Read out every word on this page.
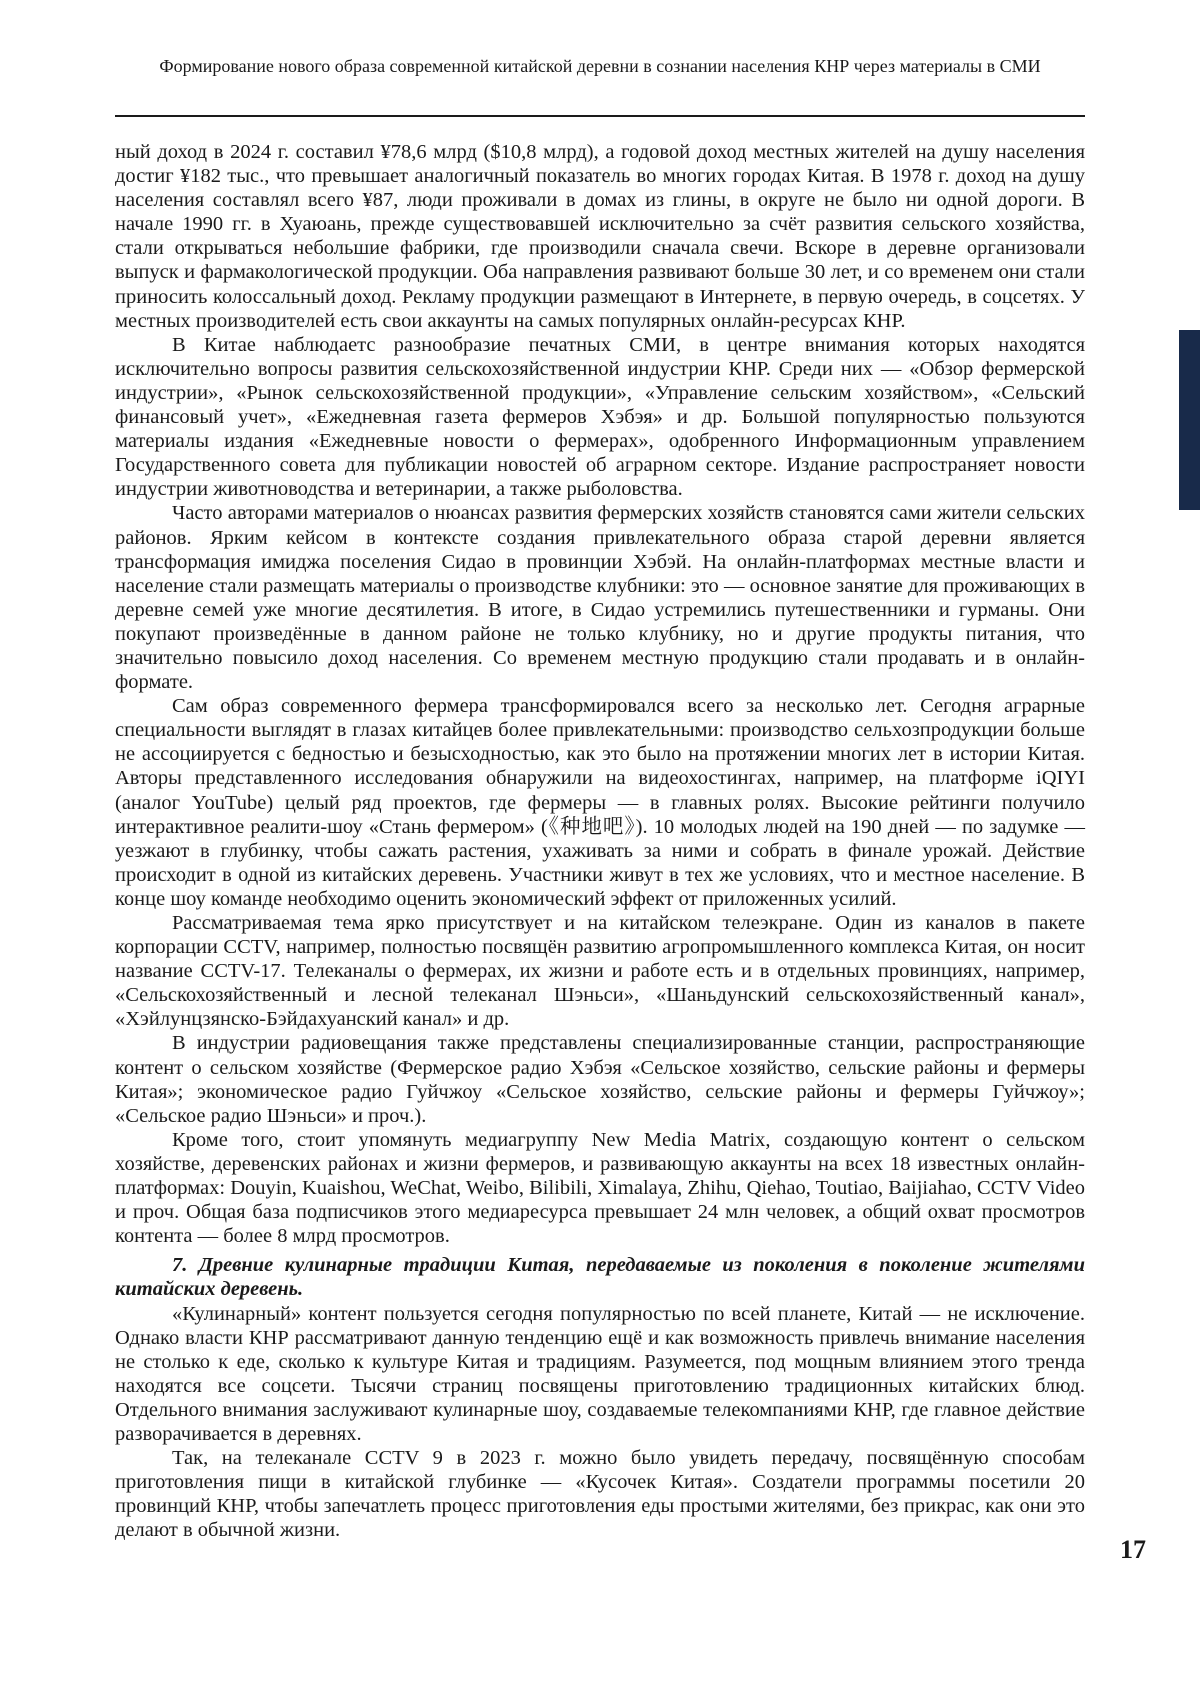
Формирование нового образа современной китайской деревни в сознании населения КНР через материалы в СМИ

ный доход в 2024 г. составил ¥78,6 млрд ($10,8 млрд), а годовой доход местных жителей на душу населения достиг ¥182 тыс., что превышает аналогичный показатель во многих городах Китая. В 1978 г. доход на душу населения составлял всего ¥87, люди проживали в домах из глины, в округе не было ни одной дороги. В начале 1990 гг. в Хуаюань, прежде существовавшей исключительно за счёт развития сельского хозяйства, стали открываться небольшие фабрики, где производили сначала свечи. Вскоре в деревне организовали выпуск и фармакологической продукции. Оба направления развивают больше 30 лет, и со временем они стали приносить колоссальный доход. Рекламу продукции размещают в Интернете, в первую очередь, в соцсетях. У местных производителей есть свои аккаунты на самых популярных онлайн-ресурсах КНР.

В Китае наблюдаетс разнообразие печатных СМИ, в центре внимания которых находятся исключительно вопросы развития сельскохозяйственной индустрии КНР. Среди них — «Обзор фермерской индустрии», «Рынок сельскохозяйственной продукции», «Управление сельским хозяйством», «Сельский финансовый учет», «Ежедневная газета фермеров Хэбэя» и др. Большой популярностью пользуются материалы издания «Ежедневные новости о фермерах», одобренного Информационным управлением Государственного совета для публикации новостей об аграрном секторе. Издание распространяет новости индустрии животноводства и ветеринарии, а также рыболовства.

Часто авторами материалов о нюансах развития фермерских хозяйств становятся сами жители сельских районов. Ярким кейсом в контексте создания привлекательного образа старой деревни является трансформация имиджа поселения Сидао в провинции Хэбэй. На онлайн-платформах местные власти и население стали размещать материалы о производстве клубники: это — основное занятие для проживающих в деревне семей уже многие десятилетия. В итоге, в Сидао устремились путешественники и гурманы. Они покупают произведённые в данном районе не только клубнику, но и другие продукты питания, что значительно повысило доход населения. Со временем местную продукцию стали продавать и в онлайн-формате.

Сам образ современного фермера трансформировался всего за несколько лет. Сегодня аграрные специальности выглядят в глазах китайцев более привлекательными: производство сельхозпродукции больше не ассоциируется с бедностью и безысходностью, как это было на протяжении многих лет в истории Китая. Авторы представленного исследования обнаружили на видеохостингах, например, на платформе iQIYI (аналог YouTube) целый ряд проектов, где фермеры — в главных ролях. Высокие рейтинги получило интерактивное реалити-шоу «Стань фермером» (《种地吧》). 10 молодых людей на 190 дней — по задумке — уезжают в глубинку, чтобы сажать растения, ухаживать за ними и собрать в финале урожай. Действие происходит в одной из китайских деревень. Участники живут в тех же условиях, что и местное население. В конце шоу команде необходимо оценить экономический эффект от приложенных усилий.

Рассматриваемая тема ярко присутствует и на китайском телеэкране. Один из каналов в пакете корпорации CCTV, например, полностью посвящён развитию агропромышленного комплекса Китая, он носит название CCTV-17. Телеканалы о фермерах, их жизни и работе есть и в отдельных провинциях, например, «Сельскохозяйственный и лесной телеканал Шэньси», «Шаньдунский сельскохозяйственный канал», «Хэйлунцзянско-Бэйдахуанский канал» и др.

В индустрии радиовещания также представлены специализированные станции, распространяющие контент о сельском хозяйстве (Фермерское радио Хэбэя «Сельское хозяйство, сельские районы и фермеры Китая»; экономическое радио Гуйчжоу «Сельское хозяйство, сельские районы и фермеры Гуйчжоу»; «Сельское радио Шэньси» и проч.).

Кроме того, стоит упомянуть медиагруппу New Media Matrix, создающую контент о сельском хозяйстве, деревенских районах и жизни фермеров, и развивающую аккаунты на всех 18 известных онлайн-платформах: Douyin, Kuaishou, WeChat, Weibo, Bilibili, Ximalaya, Zhihu, Qiehao, Toutiao, Baijiahao, CCTV Video и проч. Общая база подписчиков этого медиаресурса превышает 24 млн человек, а общий охват просмотров контента — более 8 млрд просмотров.

7. Древние кулинарные традиции Китая, передаваемые из поколения в поколение жителями китайских деревень.

«Кулинарный» контент пользуется сегодня популярностью по всей планете, Китай — не исключение. Однако власти КНР рассматривают данную тенденцию ещё и как возможность привлечь внимание населения не столько к еде, сколько к культуре Китая и традициям. Разумеется, под мощным влиянием этого тренда находятся все соцсети. Тысячи страниц посвящены приготовлению традиционных китайских блюд. Отдельного внимания заслуживают кулинарные шоу, создаваемые телекомпаниями КНР, где главное действие разворачивается в деревнях.

Так, на телеканале CCTV 9 в 2023 г. можно было увидеть передачу, посвящённую способам приготовления пищи в китайской глубинке — «Кусочек Китая». Создатели программы посетили 20 провинций КНР, чтобы запечатлеть процесс приготовления еды простыми жителями, без прикрас, как они это делают в обычной жизни.

17
